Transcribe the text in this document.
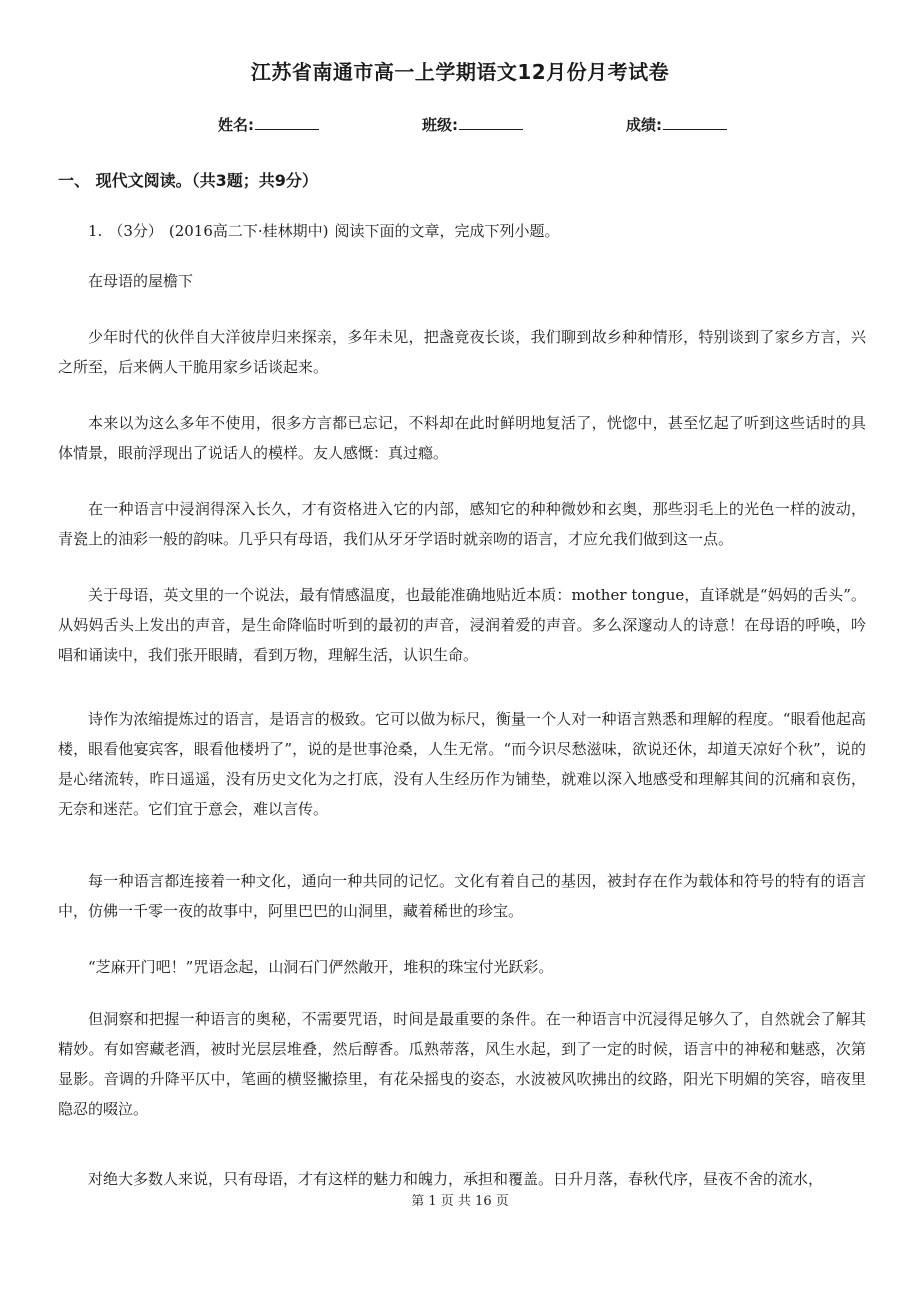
江苏省南通市高一上学期语文12月份月考试卷
姓名:	班级:	成绩:
一、 现代文阅读。（共3题；共9分）
1. （3分） (2016高二下·桂林期中) 阅读下面的文章，完成下列小题。
在母语的屋檐下

少年时代的伙伴自大洋彼岸归来探亲，多年未见，把盏竟夜长谈，我们聊到故乡种种情形，特别谈到了家乡方言，兴之所至，后来俩人干脆用家乡话谈起来。

本来以为这么多年不使用，很多方言都已忘记，不料却在此时鲜明地复活了，恍惚中，甚至忆起了听到这些话时的具体情景，眼前浮现出了说话人的模样。友人感慨：真过瘾。

在一种语言中浸润得深入长久，才有资格进入它的内部，感知它的种种微妙和玄奥，那些羽毛上的光色一样的波动，青瓷上的油彩一般的韵味。几乎只有母语，我们从牙牙学语时就亲吻的语言，才应允我们做到这一点。

关于母语，英文里的一个说法，最有情感温度，也最能准确地贴近本质：mother tongue，直译就是“妈妈的舌头”。从妈妈舌头上发出的声音，是生命降临时听到的最初的声音，浸润着爱的声音。多么深邃动人的诗意！在母语的呼唤，吟唱和诵读中，我们张开眼睛，看到万物，理解生活，认识生命。

诗作为浓缩提炼过的语言，是语言的极致。它可以做为标尺，衡量一个人对一种语言熟悉和理解的程度。“眼看他起高楼，眼看他宴宾客，眼看他楼坍了”，说的是世事沧桑，人生无常。“而今识尽愁滋味，欲说还休，却道天凉好个秋”，说的是心绪流转，昨日遥遥，没有历史文化为之打底，没有人生经历作为铺垫，就难以深入地感受和理解其间的沉痛和哀伤，无奈和迷茫。它们宜于意会，难以言传。

每一种语言都连接着一种文化，通向一种共同的记忆。文化有着自己的基因，被封存在作为载体和符号的特有的语言中，仿佛一千零一夜的故事中，阿里巴巴的山洞里，藏着稀世的珍宝。

“芝麻开门吧！”咒语念起，山洞石门俨然敞开，堆积的珠宝付光跃彩。

但洞察和把握一种语言的奥秘，不需要咒语，时间是最重要的条件。在一种语言中沉浸得足够久了，自然就会了解其精妙。有如窖藏老酒，被时光层层堆叠，然后醇香。瓜熟蒂落，风生水起，到了一定的时候，语言中的神秘和魅惑，次第显影。音调的升降平仄中，笔画的横竖撇捺里，有花朵摇曳的姿态，水波被风吹拂出的纹路，阳光下明媚的笑容，暗夜里隐忍的啜泣。

对绝大多数人来说，只有母语，才有这样的魅力和魄力，承担和覆盖。日升月落，春秋代序，昼夜不舍的流水，

第 1 页 共 16 页
